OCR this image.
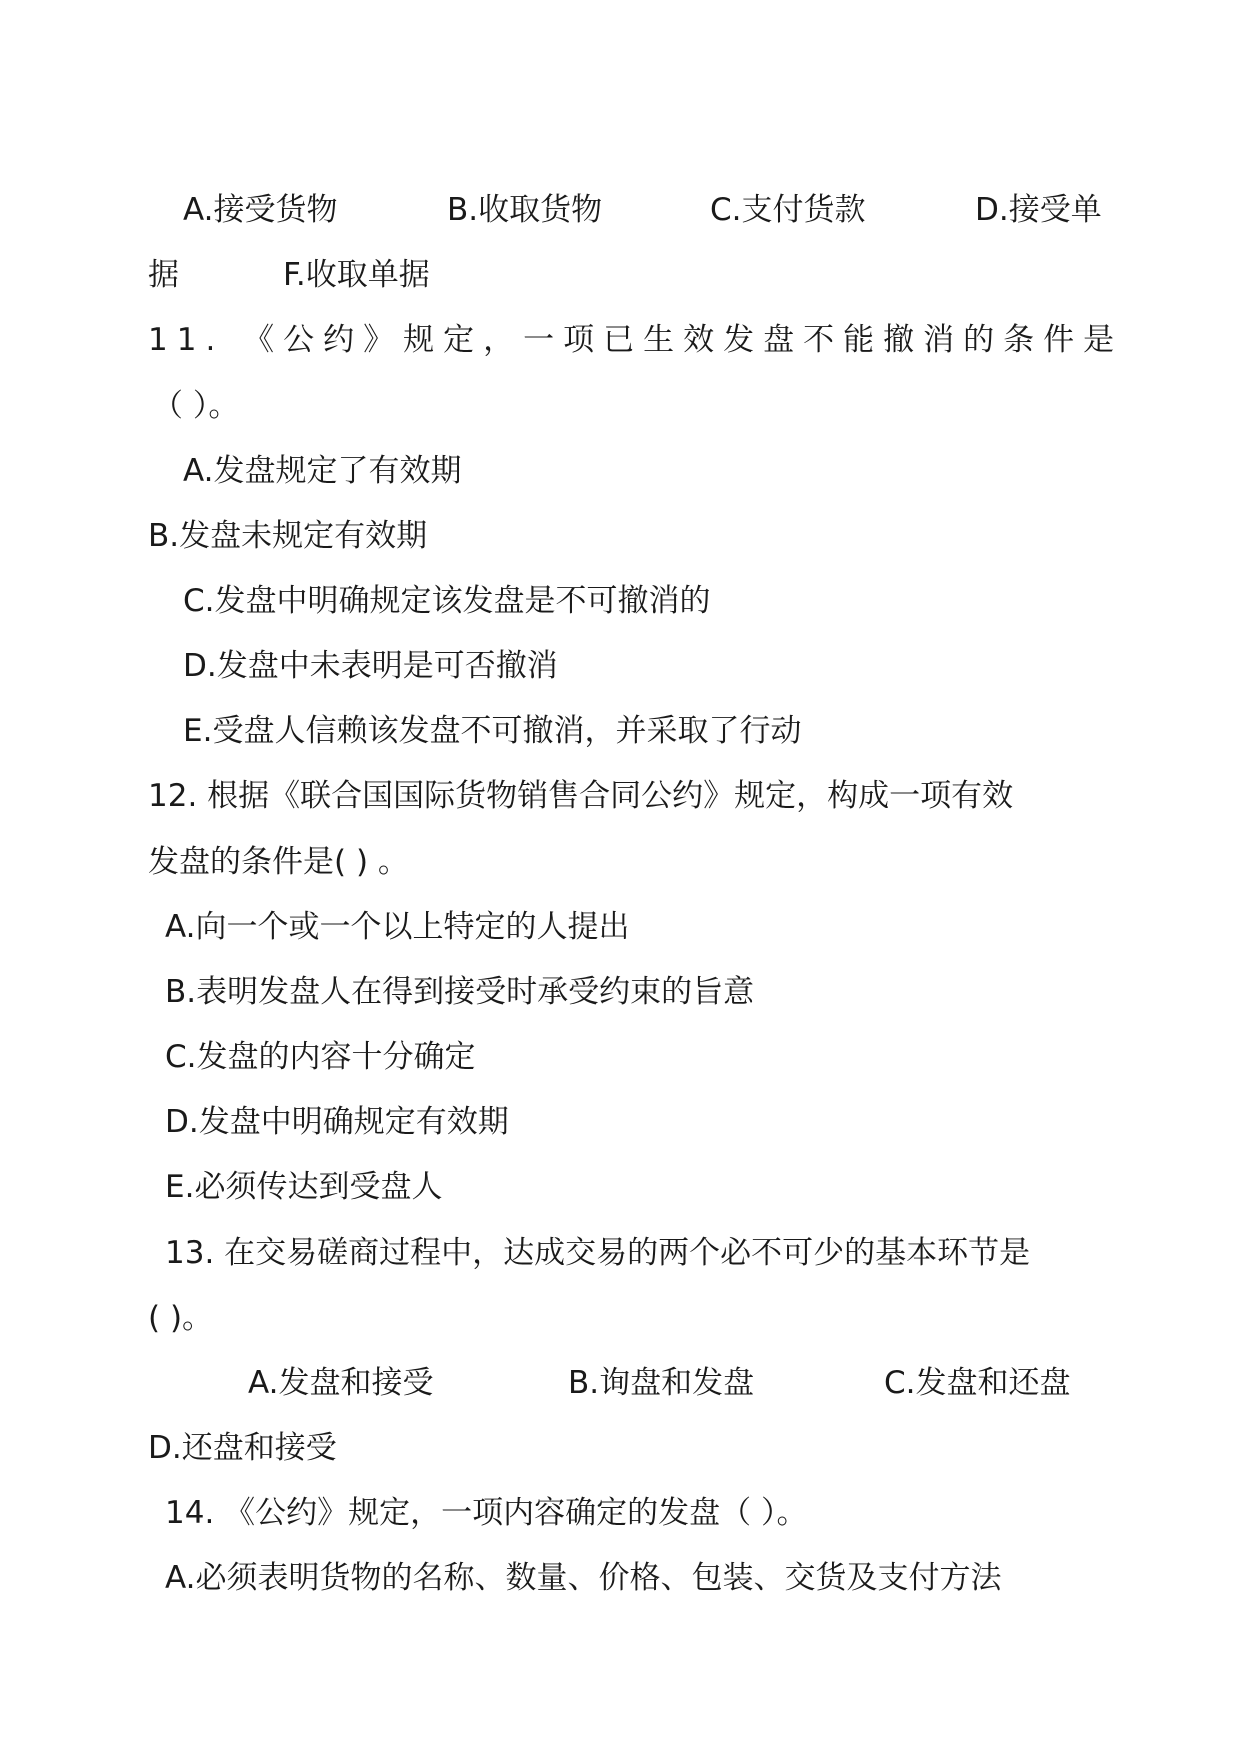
A.接受货物	B.收取货物	C.支付货款	D.接受单
据	F.收取单据
11. 《公约》规定，一项已生效发盘不能撤消的条件是
（ ）。
A.发盘规定了有效期
B.发盘未规定有效期
C.发盘中明确规定该发盘是不可撤消的
D.发盘中未表明是可否撤消
E.受盘人信赖该发盘不可撤消，并采取了行动
12. 根据《联合国国际货物销售合同公约》规定，构成一项有效
发盘的条件是( ) 。
A.向一个或一个以上特定的人提出
B.表明发盘人在得到接受时承受约束的旨意
C.发盘的内容十分确定
D.发盘中明确规定有效期
E.必须传达到受盘人
13. 在交易磋商过程中，达成交易的两个必不可少的基本环节是
( )。
A.发盘和接受	B.询盘和发盘	C.发盘和还盘
D.还盘和接受
14. 《公约》规定，一项内容确定的发盘（ ）。
A.必须表明货物的名称、数量、价格、包装、交货及支付方法
